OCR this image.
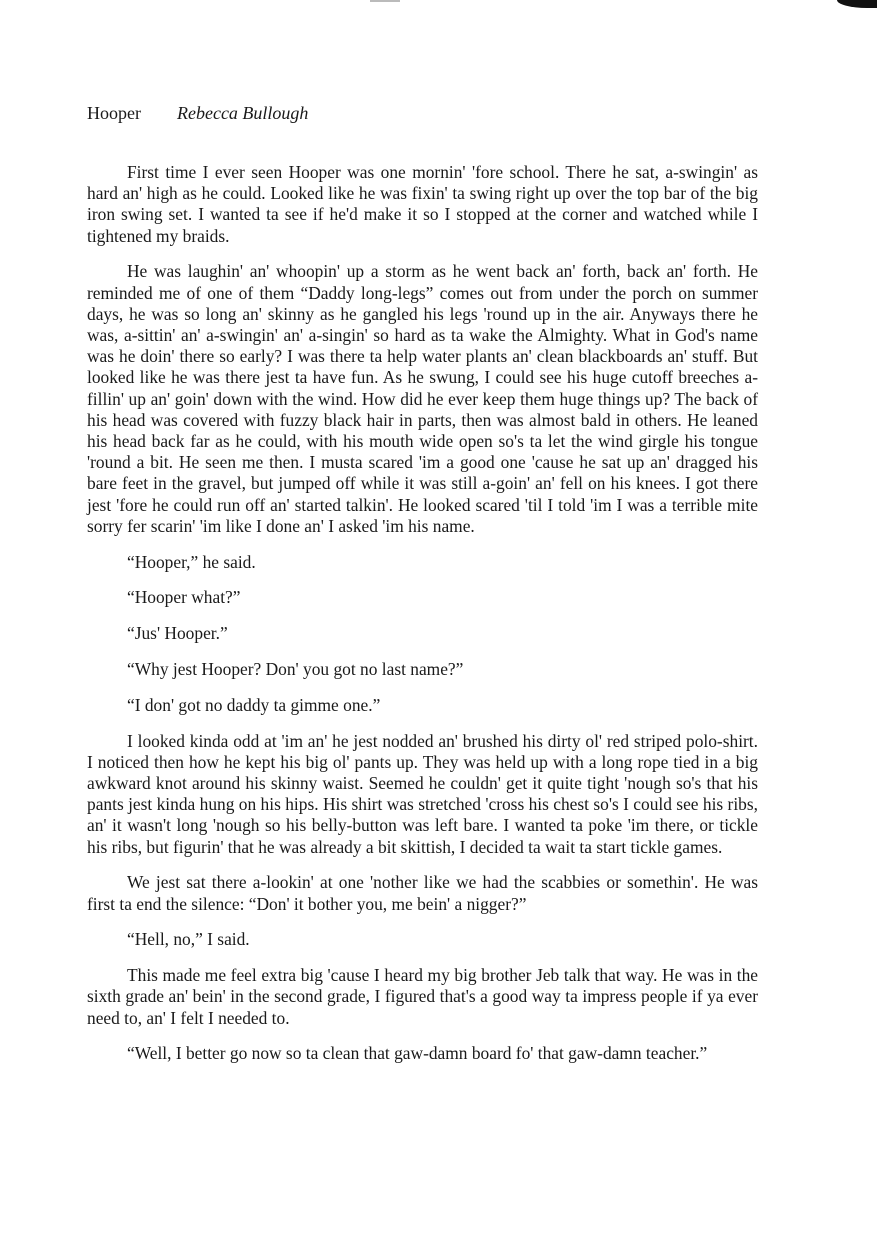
Hooper Rebecca Bullough

First time I ever seen Hooper was one mornin' 'fore school. There he sat, a-swingin' as hard an' high as he could. Looked like he was fixin' ta swing right up over the top bar of the big iron swing set. I wanted ta see if he'd make it so I stopped at the corner and watched while I tightened my braids.

He was laughin' an' whoopin' up a storm as he went back an' forth, back an' forth. He reminded me of one of them “Daddy long-legs” comes out from under the porch on summer days, he was so long an' skinny as he gangled his legs 'round up in the air. Anyways there he was, a-sittin' an' a-swingin' an' a-singin' so hard as ta wake the Almighty. What in God's name was he doin' there so early? I was there ta help water plants an' clean blackboards an' stuff. But looked like he was there jest ta have fun. As he swung, I could see his huge cutoff breeches a-fillin' up an' goin' down with the wind. How did he ever keep them huge things up? The back of his head was covered with fuzzy black hair in parts, then was almost bald in others. He leaned his head back far as he could, with his mouth wide open so's ta let the wind girgle his tongue 'round a bit. He seen me then. I musta scared 'im a good one 'cause he sat up an' dragged his bare feet in the gravel, but jumped off while it was still a-goin' an' fell on his knees. I got there jest 'fore he could run off an' started talkin'. He looked scared 'til I told 'im I was a terrible mite sorry fer scarin' 'im like I done an' I asked 'im his name.

“Hooper,” he said.

“Hooper what?”

“Jus' Hooper.”

“Why jest Hooper? Don' you got no last name?”

“I don' got no daddy ta gimme one.”

I looked kinda odd at 'im an' he jest nodded an' brushed his dirty ol' red striped polo-shirt. I noticed then how he kept his big ol' pants up. They was held up with a long rope tied in a big awkward knot around his skinny waist. Seemed he couldn' get it quite tight 'nough so's that his pants jest kinda hung on his hips. His shirt was stretched 'cross his chest so's I could see his ribs, an' it wasn't long 'nough so his belly-button was left bare. I wanted ta poke 'im there, or tickle his ribs, but figurin' that he was already a bit skittish, I decided ta wait ta start tickle games.

We jest sat there a-lookin' at one 'nother like we had the scabbies or somethin'. He was first ta end the silence: “Don' it bother you, me bein' a nigger?”

“Hell, no,” I said.

This made me feel extra big 'cause I heard my big brother Jeb talk that way. He was in the sixth grade an' bein' in the second grade, I figured that's a good way ta impress people if ya ever need to, an' I felt I needed to.

“Well, I better go now so ta clean that gaw-damn board fo' that gaw-damn teacher.”
